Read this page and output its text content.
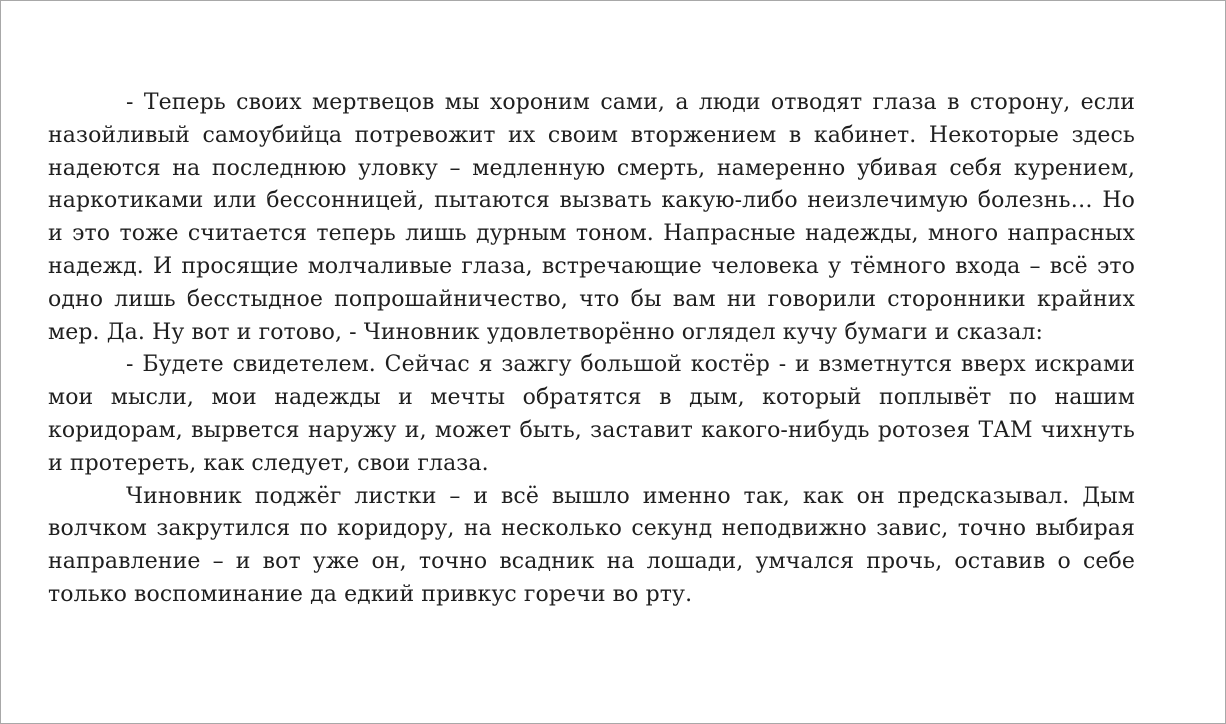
- Теперь своих мертвецов мы хороним сами, а люди отводят глаза в сторону, если назойливый самоубийца потревожит их своим вторжением в кабинет. Некоторые здесь надеются на последнюю уловку – медленную смерть, намеренно убивая себя курением, наркотиками или бессонницей, пытаются вызвать какую-либо неизлечимую болезнь… Но и это тоже считается теперь лишь дурным тоном. Напрасные надежды, много напрасных надежд. И просящие молчаливые глаза, встречающие человека у тёмного входа – всё это одно лишь бесстыдное попрошайничество, что бы вам ни говорили сторонники крайних мер. Да. Ну вот и готово, - Чиновник удовлетворённо оглядел кучу бумаги и сказал:

- Будете свидетелем. Сейчас я зажгу большой костёр - и взметнутся вверх искрами мои мысли, мои надежды и мечты обратятся в дым, который поплывёт по нашим коридорам, вырвется наружу и, может быть, заставит какого-нибудь ротозея ТАМ чихнуть и протереть, как следует, свои глаза.

Чиновник поджёг листки – и всё вышло именно так, как он предсказывал. Дым волчком закрутился по коридору, на несколько секунд неподвижно завис, точно выбирая направление – и вот уже он, точно всадник на лошади, умчался прочь, оставив о себе только воспоминание да едкий привкус горечи во рту.
